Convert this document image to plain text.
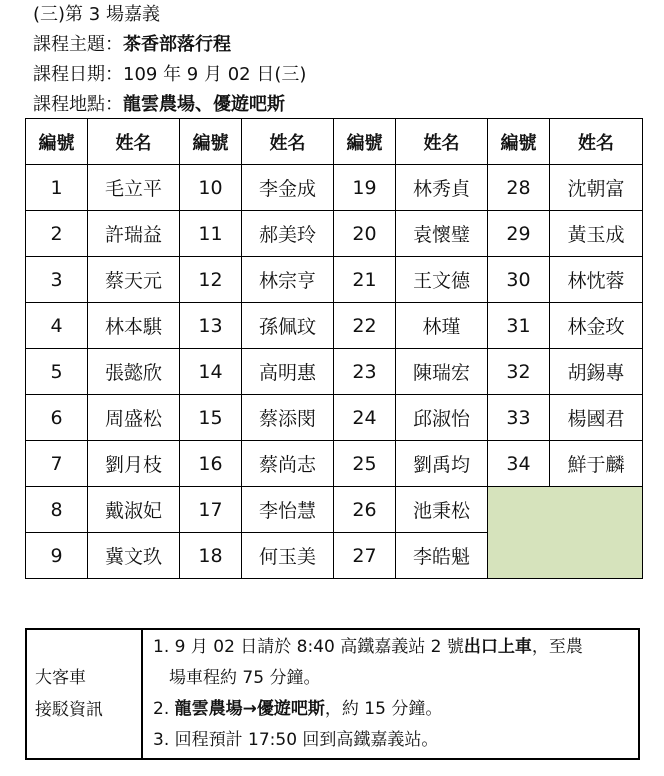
(三)第 3 場嘉義
課程主題：茶香部落行程
課程日期：109 年 9 月 02 日(三)
課程地點：龍雲農場、優遊吧斯
編號	姓名	編號	姓名	編號	姓名	編號	姓名
1	毛立平	10	李金成	19	林秀貞	28	沈朝富
2	許瑞益	11	郝美玲	20	袁懷璧	29	黃玉成
3	蔡天元	12	林宗亨	21	王文德	30	林忱蓉
4	林本騏	13	孫佩玟	22	林瑾	31	林金玫
5	張懿欣	14	高明惠	23	陳瑞宏	32	胡錫專
6	周盛松	15	蔡添閔	24	邱淑怡	33	楊國君
7	劉月枝	16	蔡尚志	25	劉禹均	34	鮮于麟
8	戴淑妃	17	李怡慧	26	池秉松		
9	冀文玖	18	何玉美	27	李皓魁		
大客車
接駁資訊

1. 9 月 02 日請於 8:40 高鐵嘉義站 2 號出口上車，至農
場車程約 75 分鐘。
2. 龍雲農場→優遊吧斯，約 15 分鐘。
3. 回程預計 17:50 回到高鐵嘉義站。
